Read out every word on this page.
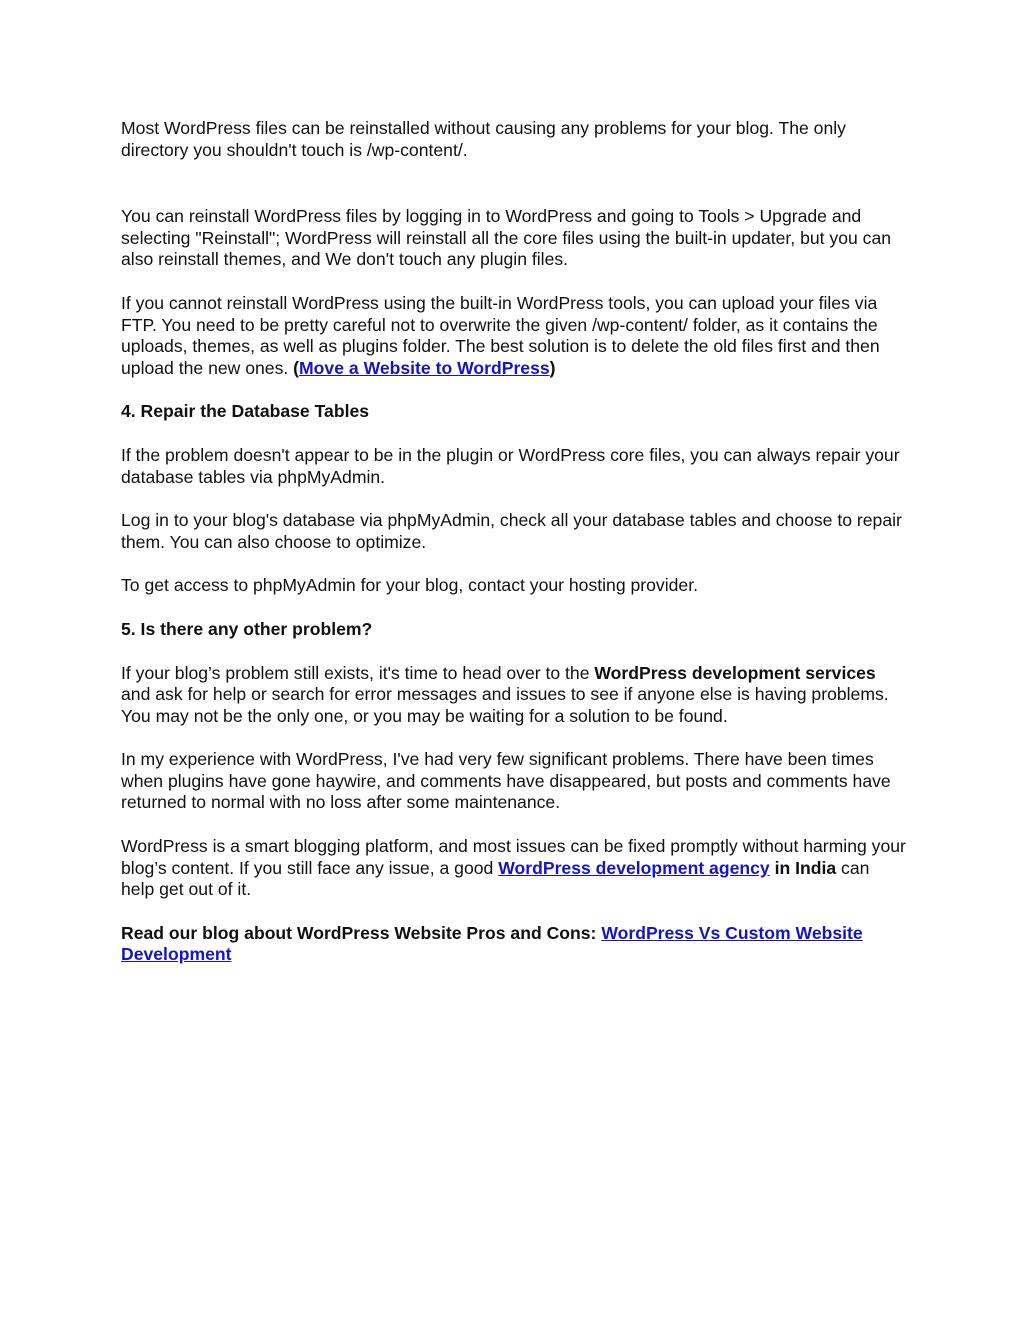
Most WordPress files can be reinstalled without causing any problems for your blog. The only directory you shouldn't touch is /wp-content/.

You can reinstall WordPress files by logging in to WordPress and going to Tools > Upgrade and selecting "Reinstall"; WordPress will reinstall all the core files using the built-in updater, but you can also reinstall themes, and We don't touch any plugin files.

If you cannot reinstall WordPress using the built-in WordPress tools, you can upload your files via FTP. You need to be pretty careful not to overwrite the given /wp-content/ folder, as it contains the uploads, themes, as well as plugins folder. The best solution is to delete the old files first and then upload the new ones. (Move a Website to WordPress)

4. Repair the Database Tables

If the problem doesn't appear to be in the plugin or WordPress core files, you can always repair your database tables via phpMyAdmin.

Log in to your blog's database via phpMyAdmin, check all your database tables and choose to repair them. You can also choose to optimize.

To get access to phpMyAdmin for your blog, contact your hosting provider.

5. Is there any other problem?

If your blog’s problem still exists, it's time to head over to the WordPress development services and ask for help or search for error messages and issues to see if anyone else is having problems. You may not be the only one, or you may be waiting for a solution to be found.

In my experience with WordPress, I've had very few significant problems. There have been times when plugins have gone haywire, and comments have disappeared, but posts and comments have returned to normal with no loss after some maintenance.

WordPress is a smart blogging platform, and most issues can be fixed promptly without harming your blog’s content. If you still face any issue, a good WordPress development agency in India can help get out of it.

Read our blog about WordPress Website Pros and Cons: WordPress Vs Custom Website Development
